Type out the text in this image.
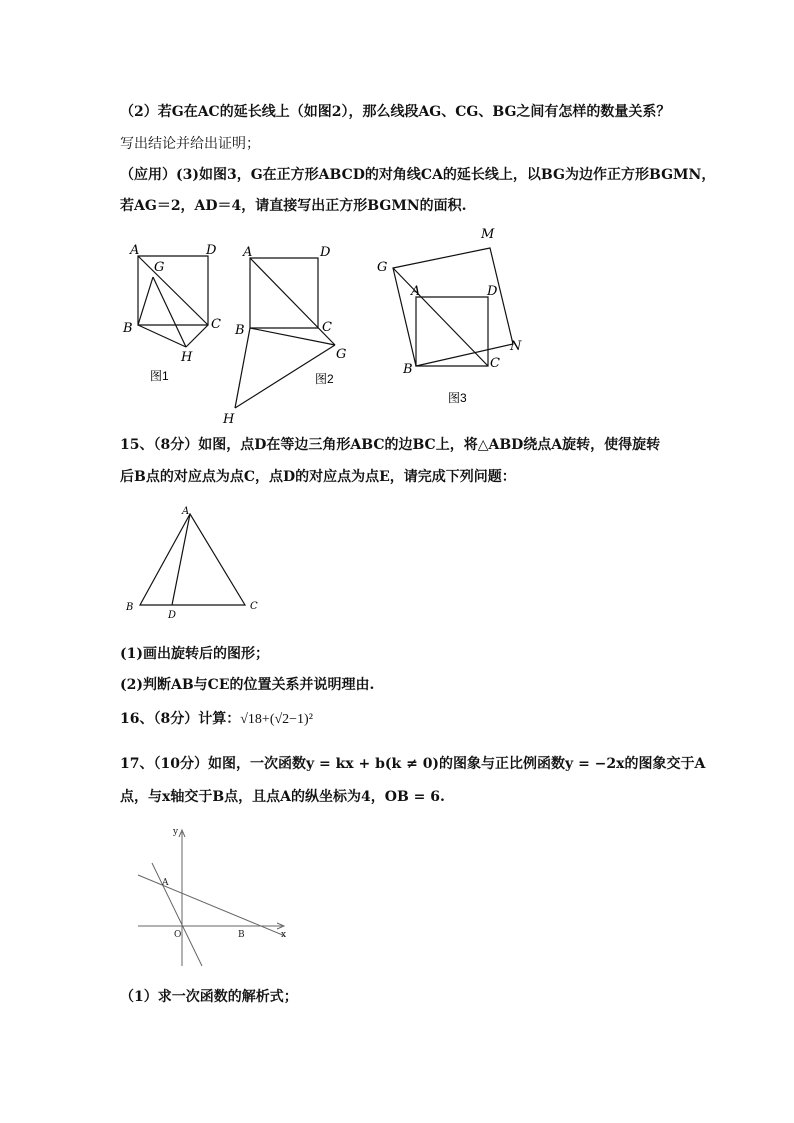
（2）若G在AC的延长线上（如图2），那么线段AG、CG、BG之间有怎样的数量关系？
写出结论并给出证明；
（应用）(3)如图3，G在正方形ABCD的对角线CA的延长线上，以BG为边作正方形BGMN，
若AG＝2，AD＝4，请直接写出正方形BGMN的面积.
A	D
G
B	C
H
图1
A	D
B	C
G
H
图2
M
G
A	D
N
B	C
图3
15、（8分）如图，点D在等边三角形ABC的边BC上，将△ABD绕点A旋转，使得旋转
后B点的对应点为点C，点D的对应点为点E，请完成下列问题：
A
B
D
C
(1)画出旋转后的图形；
(2)判断AB与CE的位置关系并说明理由.
16、（8分）计算：√18+(√2−1)²
17、（10分）如图，一次函数y = kx + b(k ≠ 0)的图象与正比例函数y = −2x的图象交于A
点，与x轴交于B点，且点A的纵坐标为4，OB = 6.
y
x
A
O	B
（1）求一次函数的解析式；
